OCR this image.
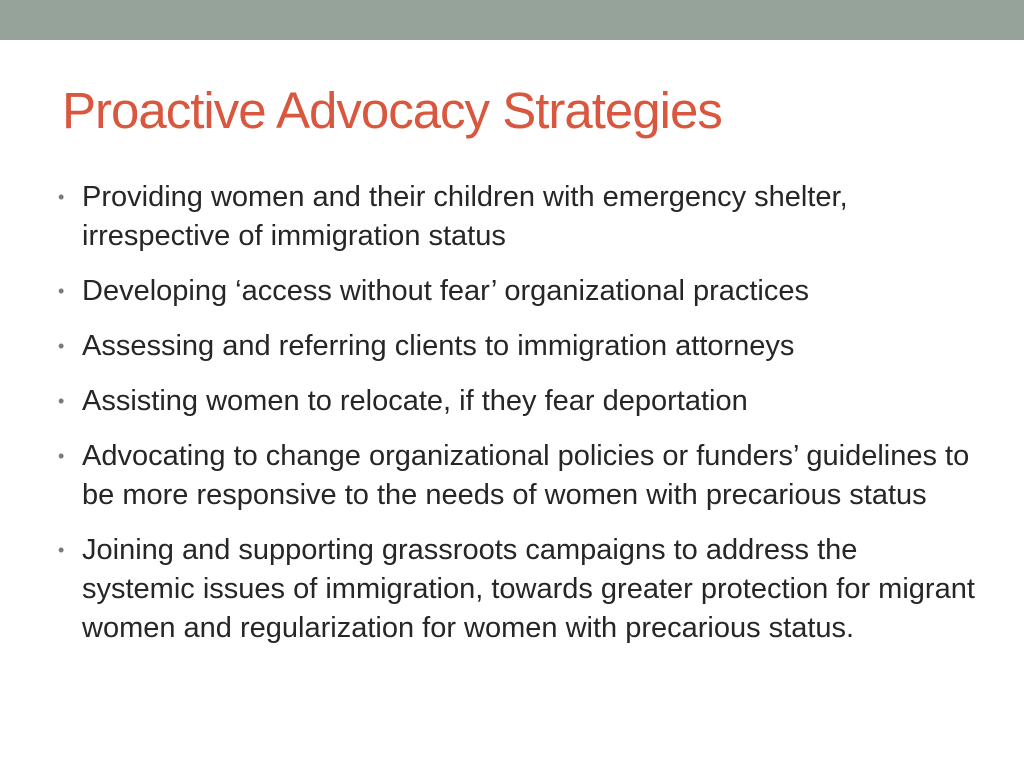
Proactive Advocacy Strategies
• Providing women and their children with emergency shelter, irrespective of immigration status
• Developing ‘access without fear’ organizational practices
• Assessing and referring clients to immigration attorneys
• Assisting women to relocate, if they fear deportation
• Advocating to change organizational policies or funders’ guidelines to be more responsive to the needs of women with precarious status
• Joining and supporting grassroots campaigns to address the systemic issues of immigration, towards greater protection for migrant women and regularization for women with precarious status.
